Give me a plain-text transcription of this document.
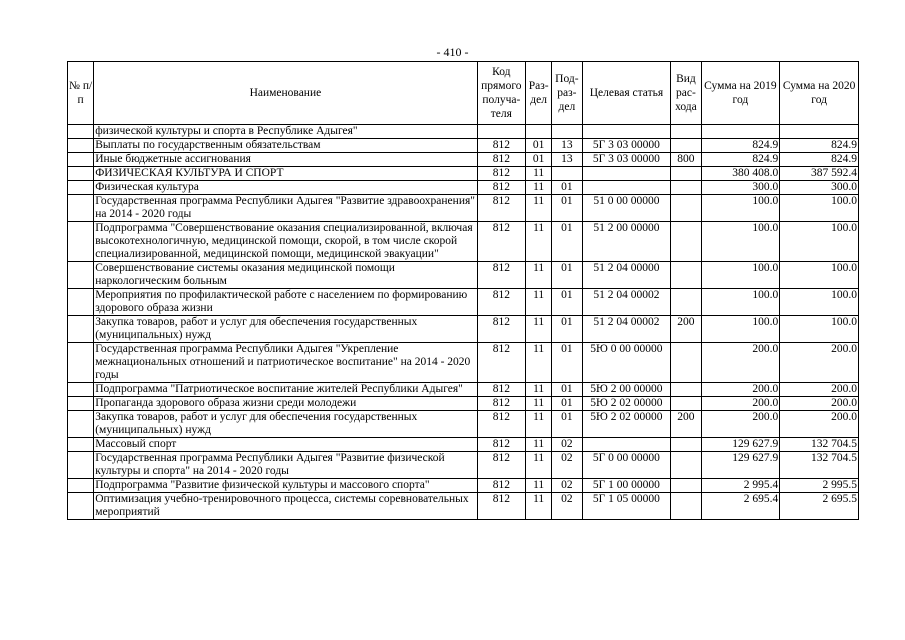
- 410 -
№ п/п	Наименование	Код прямого получа-теля	Раз-дел	Под-раз-дел	Целевая статья	Вид рас-хода	Сумма на 2019 год	Сумма на 2020 год
	физической культуры и спорта в Республике Адыгея"							
	Выплаты по государственным обязательствам	812	01	13	5Г 3 03 00000		824.9	824.9
	Иные бюджетные ассигнования	812	01	13	5Г 3 03 00000	800	824.9	824.9
	ФИЗИЧЕСКАЯ КУЛЬТУРА И СПОРТ	812	11				380 408.0	387 592.4
	Физическая культура	812	11	01			300.0	300.0
	Государственная программа Республики Адыгея "Развитие здравоохранения" на 2014 - 2020 годы	812	11	01	51 0 00 00000		100.0	100.0
	Подпрограмма "Совершенствование оказания специализированной, включая высокотехнологичную, медицинской помощи, скорой, в том числе скорой специализированной, медицинской помощи, медицинской эвакуации"	812	11	01	51 2 00 00000		100.0	100.0
	Совершенствование системы оказания медицинской помощи наркологическим больным	812	11	01	51 2 04 00000		100.0	100.0
	Мероприятия по профилактической работе с населением по формированию здорового образа жизни	812	11	01	51 2 04 00002		100.0	100.0
	Закупка товаров, работ и услуг для обеспечения государственных (муниципальных) нужд	812	11	01	51 2 04 00002	200	100.0	100.0
	Государственная программа Республики Адыгея "Укрепление межнациональных отношений и патриотическое воспитание" на 2014 - 2020 годы	812	11	01	5Ю 0 00 00000		200.0	200.0
	Подпрограмма "Патриотическое воспитание жителей Республики Адыгея"	812	11	01	5Ю 2 00 00000		200.0	200.0
	Пропаганда здорового образа жизни среди молодежи	812	11	01	5Ю 2 02 00000		200.0	200.0
	Закупка товаров, работ и услуг для обеспечения государственных (муниципальных) нужд	812	11	01	5Ю 2 02 00000	200	200.0	200.0
	Массовый спорт	812	11	02			129 627.9	132 704.5
	Государственная программа Республики Адыгея "Развитие физической культуры и спорта" на 2014 - 2020 годы	812	11	02	5Г 0 00 00000		129 627.9	132 704.5
	Подпрограмма "Развитие физической культуры и массового спорта"	812	11	02	5Г 1 00 00000		2 995.4	2 995.5
	Оптимизация учебно-тренировочного процесса, системы соревновательных мероприятий	812	11	02	5Г 1 05 00000		2 695.4	2 695.5
